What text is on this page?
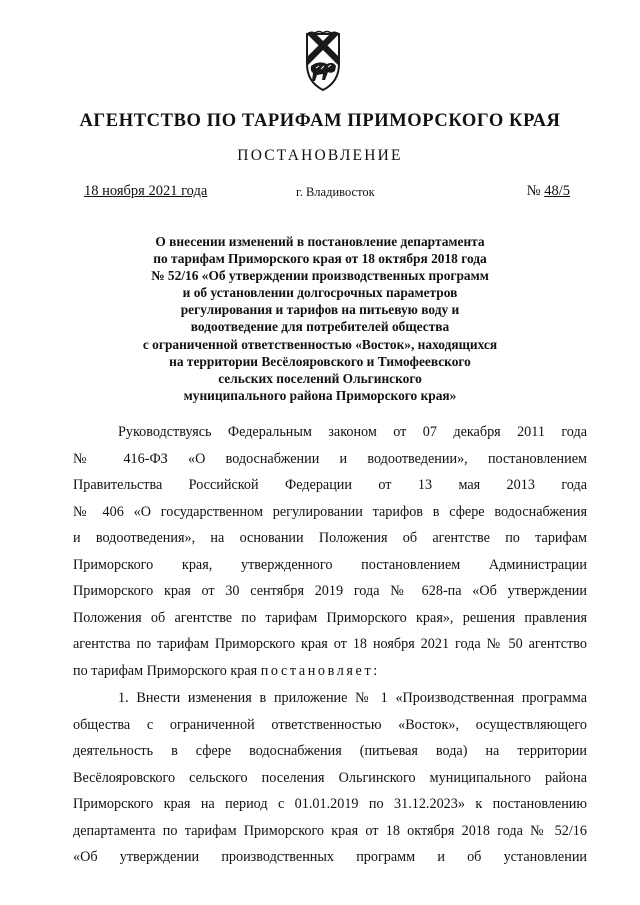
АГЕНТСТВО ПО ТАРИФАМ ПРИМОРСКОГО КРАЯ
ПОСТАНОВЛЕНИЕ
18 ноября 2021 года	г. Владивосток	№ 48/5
О внесении изменений в постановление департамента
по тарифам Приморского края от 18 октября 2018 года
№ 52/16 «Об утверждении производственных программ
и об установлении долгосрочных параметров
регулирования и тарифов на питьевую воду и
водоотведение для потребителей общества
с ограниченной ответственностью «Восток», находящихся
на территории Весёлояровского и Тимофеевского
сельских поселений Ольгинского
муниципального района Приморского края»
Руководствуясь Федеральным законом от 07 декабря 2011 года
№ 416-ФЗ «О водоснабжении и водоотведении», постановлением
Правительства Российской Федерации от 13 мая 2013 года
№ 406 «О государственном регулировании тарифов в сфере водоснабжения
и водоотведения», на основании Положения об агентстве по тарифам
Приморского края, утвержденного постановлением Администрации
Приморского края от 30 сентября 2019 года № 628-па «Об утверждении
Положения об агентстве по тарифам Приморского края», решения правления
агентства по тарифам Приморского края от 18 ноября 2021 года № 50 агентство
по тарифам Приморского края постановляет:
1. Внести изменения в приложение № 1 «Производственная программа
общества с ограниченной ответственностью «Восток», осуществляющего
деятельность в сфере водоснабжения (питьевая вода) на территории
Весёлояровского сельского поселения Ольгинского муниципального района
Приморского края на период с 01.01.2019 по 31.12.2023» к постановлению
департамента по тарифам Приморского края от 18 октября 2018 года № 52/16
«Об утверждении производственных программ и об установлении
